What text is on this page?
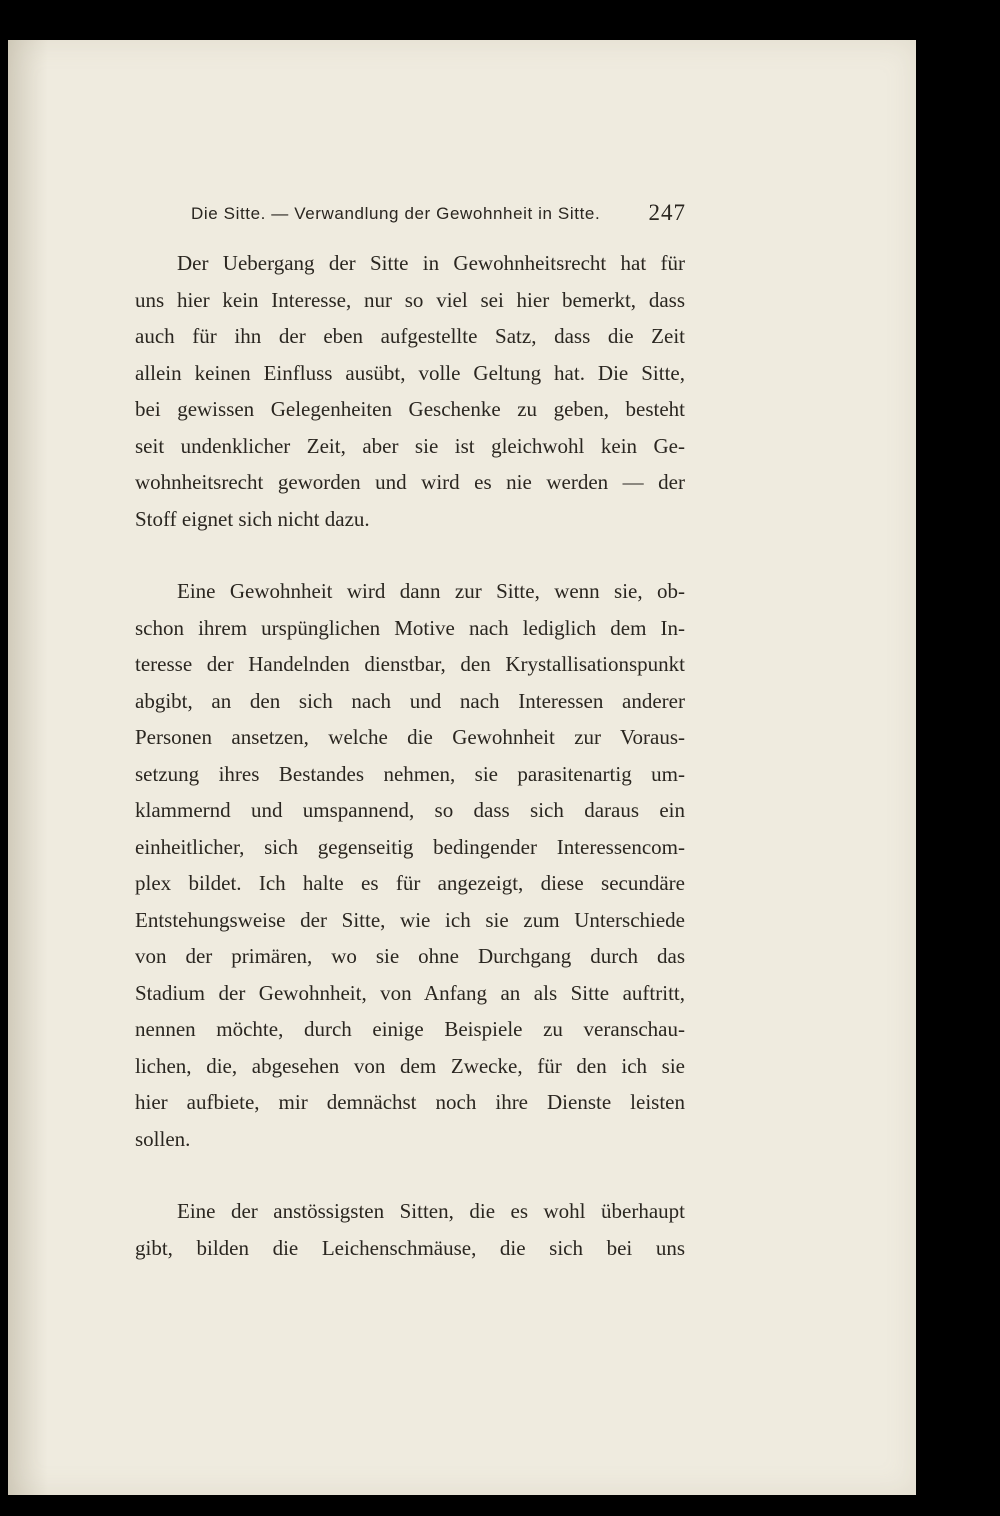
Die Sitte. — Verwandlung der Gewohnheit in Sitte. 247
Der Uebergang der Sitte in Gewohnheitsrecht hat für
uns hier kein Interesse, nur so viel sei hier bemerkt, dass
auch für ihn der eben aufgestellte Satz, dass die Zeit
allein keinen Einfluss ausübt, volle Geltung hat. Die Sitte,
bei gewissen Gelegenheiten Geschenke zu geben, besteht
seit undenklicher Zeit, aber sie ist gleichwohl kein Ge-
wohnheitsrecht geworden und wird es nie werden — der
Stoff eignet sich nicht dazu.
Eine Gewohnheit wird dann zur Sitte, wenn sie, ob-
schon ihrem urspünglichen Motive nach lediglich dem In-
teresse der Handelnden dienstbar, den Krystallisationspunkt
abgibt, an den sich nach und nach Interessen anderer
Personen ansetzen, welche die Gewohnheit zur Voraus-
setzung ihres Bestandes nehmen, sie parasitenartig um-
klammernd und umspannend, so dass sich daraus ein
einheitlicher, sich gegenseitig bedingender Interessencom-
plex bildet. Ich halte es für angezeigt, diese secundäre
Entstehungsweise der Sitte, wie ich sie zum Unterschiede
von der primären, wo sie ohne Durchgang durch das
Stadium der Gewohnheit, von Anfang an als Sitte auftritt,
nennen möchte, durch einige Beispiele zu veranschau-
lichen, die, abgesehen von dem Zwecke, für den ich sie
hier aufbiete, mir demnächst noch ihre Dienste leisten
sollen.
Eine der anstössigsten Sitten, die es wohl überhaupt
gibt, bilden die Leichenschmäuse, die sich bei uns
